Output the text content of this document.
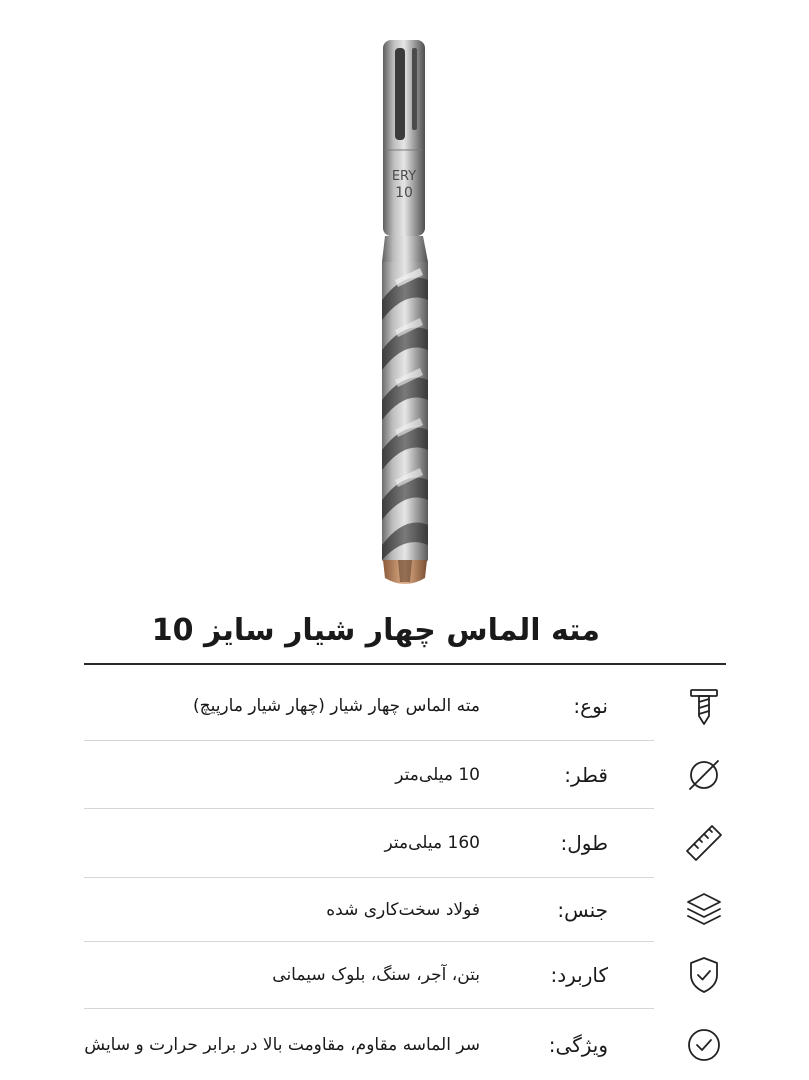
ERY
10
مته الماس چهار شیار سایز 10
نوع:
مته الماس چهار شیار (چهار شیار مارپیچ)
قطر:
10 میلی‌متر
طول:
160 میلی‌متر
جنس:
فولاد سخت‌کاری شده
کاربرد:
بتن، آجر، سنگ، بلوک سیمانی
ویژگی:
سر الماسه مقاوم، مقاومت بالا در برابر حرارت و سایش
